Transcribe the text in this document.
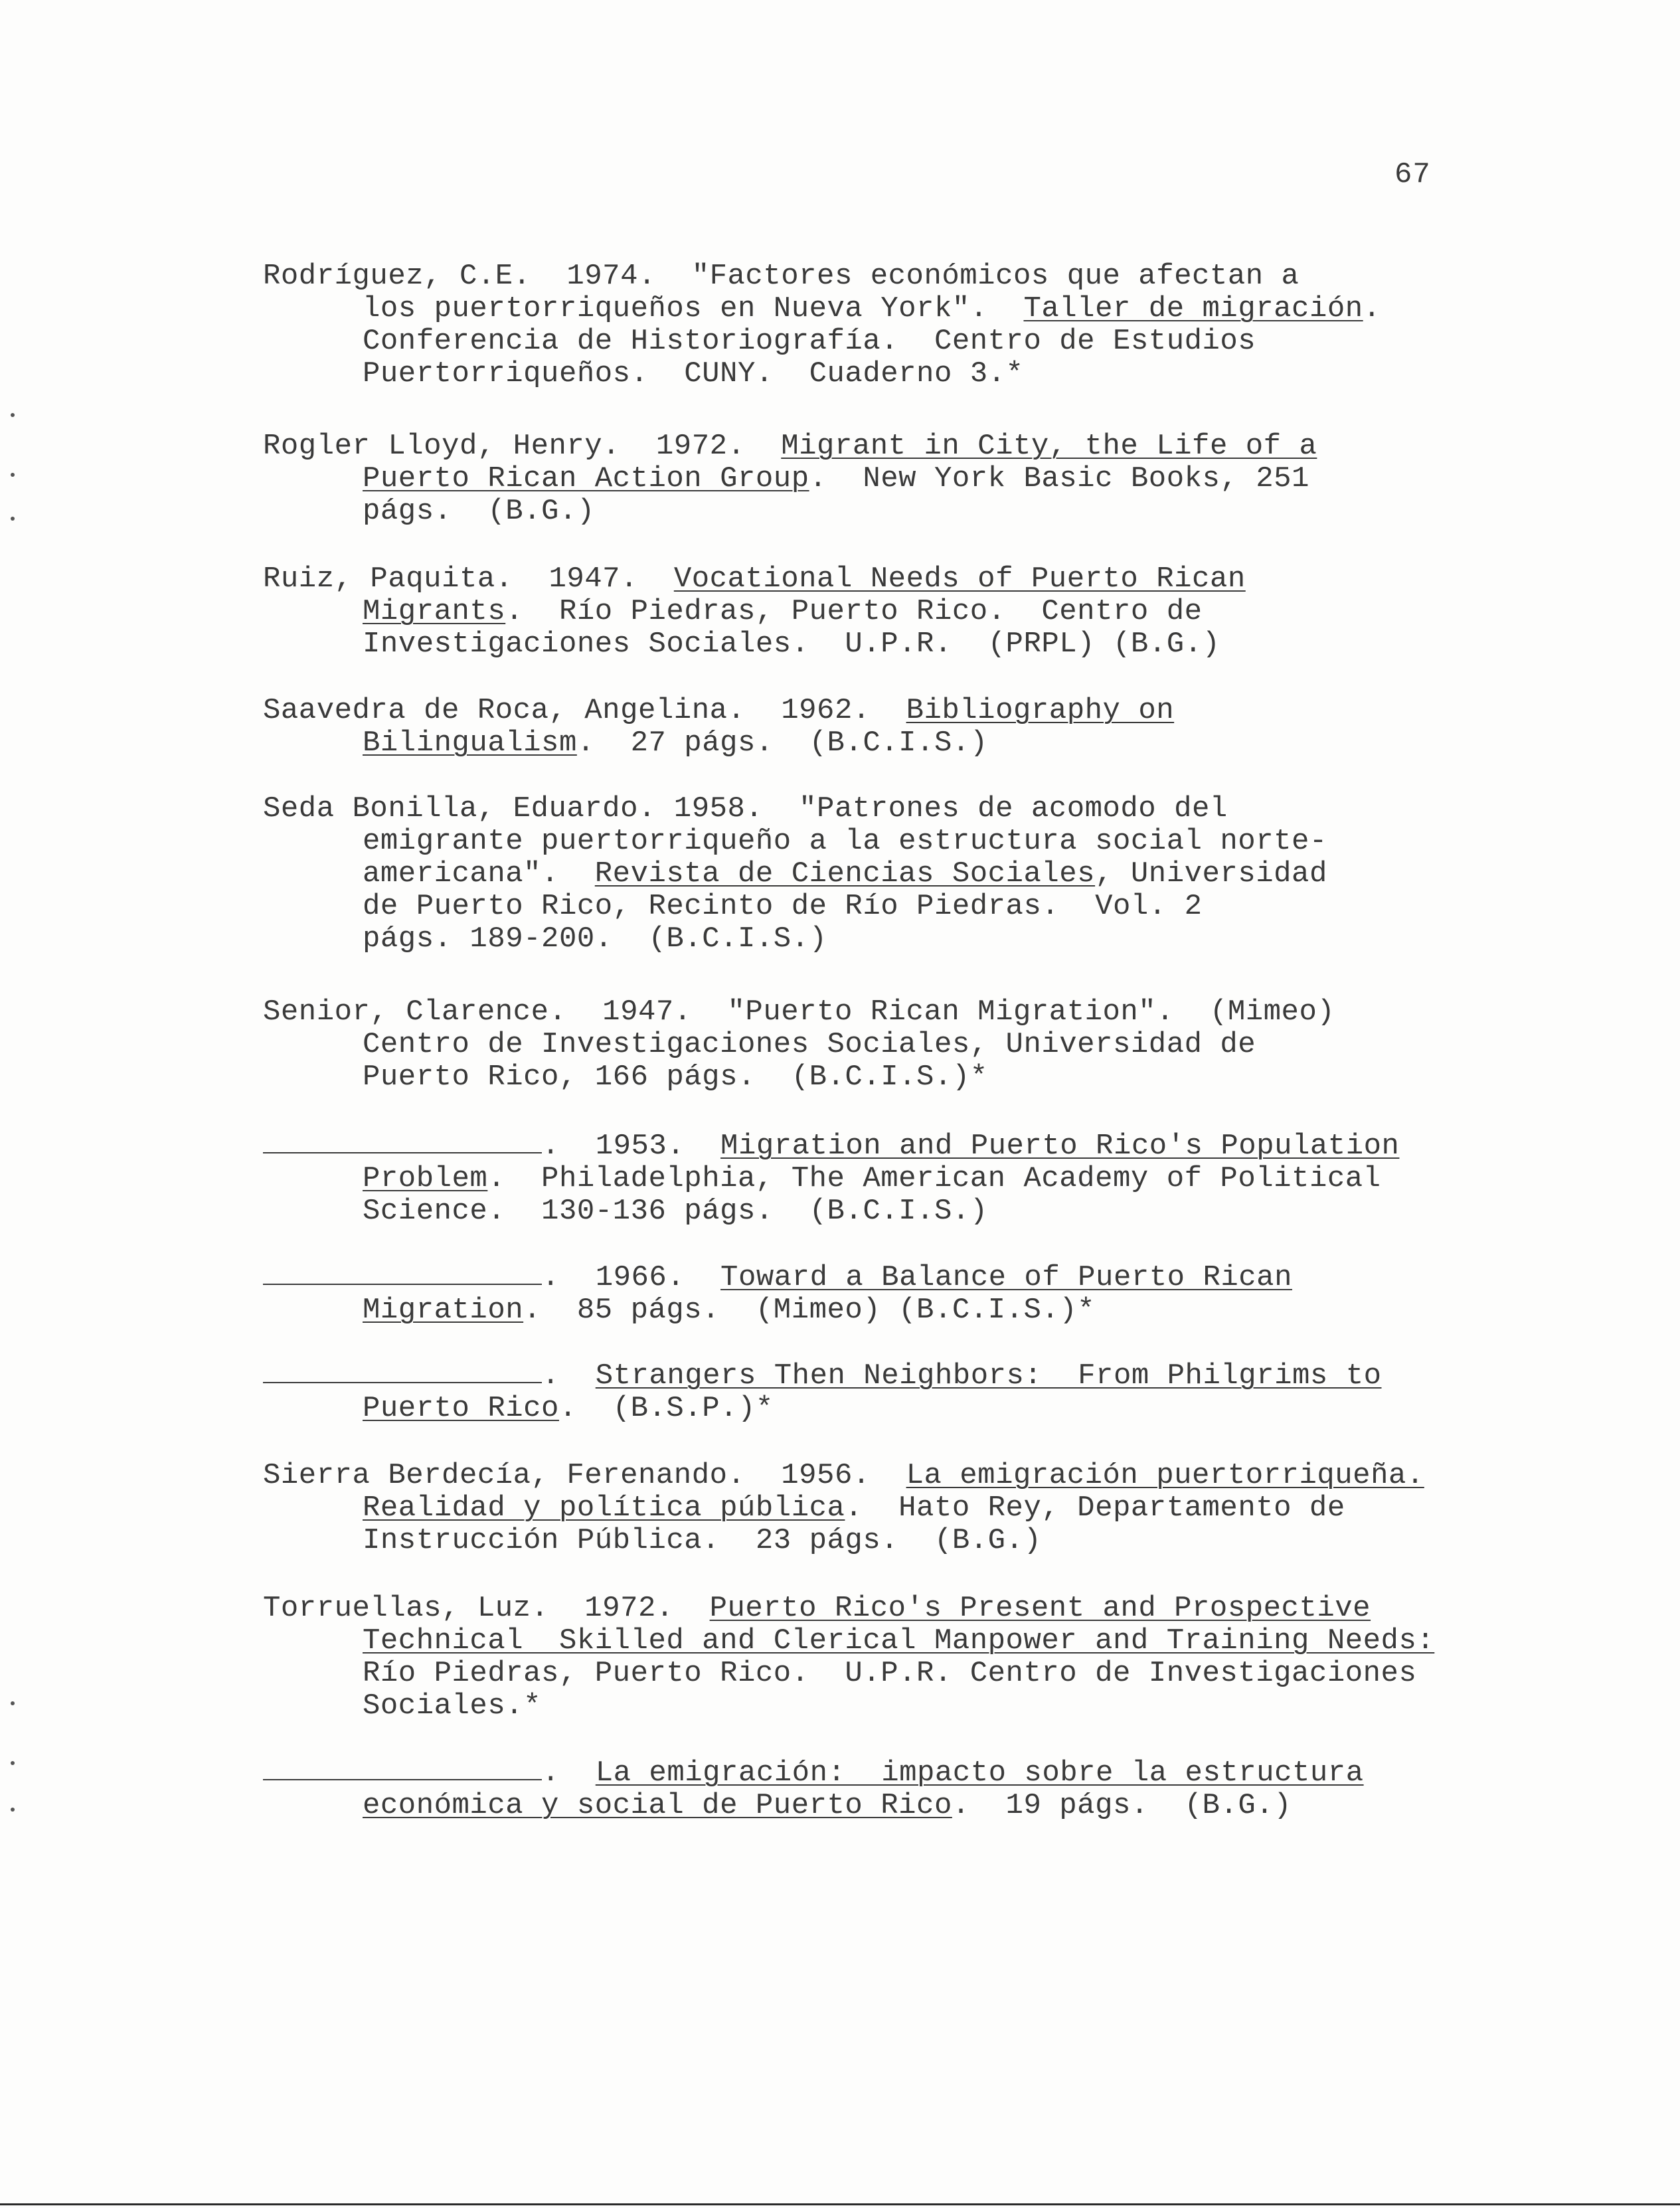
67
Rodríguez, C.E.  1974.  "Factores económicos que afectan a
los puertorriqueños en Nueva York".  Taller de migración.
Conferencia de Historiografía.  Centro de Estudios
Puertorriqueños.  CUNY.  Cuaderno 3.*
Rogler Lloyd, Henry.  1972.  Migrant in City, the Life of a
Puerto Rican Action Group.  New York Basic Books, 251
págs.  (B.G.)
Ruiz, Paquita.  1947.  Vocational Needs of Puerto Rican
Migrants.  Río Piedras, Puerto Rico.  Centro de
Investigaciones Sociales.  U.P.R.  (PRPL) (B.G.)
Saavedra de Roca, Angelina.  1962.  Bibliography on
Bilingualism.  27 págs.  (B.C.I.S.)
Seda Bonilla, Eduardo. 1958.  "Patrones de acomodo del
emigrante puertorriqueño a la estructura social norte-
americana".  Revista de Ciencias Sociales, Universidad
de Puerto Rico, Recinto de Río Piedras.  Vol. 2
págs. 189-200.  (B.C.I.S.)
Senior, Clarence.  1947.  "Puerto Rican Migration".  (Mimeo)
Centro de Investigaciones Sociales, Universidad de
Puerto Rico, 166 págs.  (B.C.I.S.)*
.  1953.  Migration and Puerto Rico's Population
Problem.  Philadelphia, The American Academy of Political
Science.  130-136 págs.  (B.C.I.S.)
.  1966.  Toward a Balance of Puerto Rican
Migration.  85 págs.  (Mimeo) (B.C.I.S.)*
.  Strangers Then Neighbors:  From Philgrims to
Puerto Rico.  (B.S.P.)*
Sierra Berdecía, Ferenando.  1956.  La emigración puertorriqueña.
Realidad y política pública.  Hato Rey, Departamento de
Instrucción Pública.  23 págs.  (B.G.)
Torruellas, Luz.  1972.  Puerto Rico's Present and Prospective
Technical  Skilled and Clerical Manpower and Training Needs:
Río Piedras, Puerto Rico.  U.P.R. Centro de Investigaciones
Sociales.*
.  La emigración:  impacto sobre la estructura
económica y social de Puerto Rico.  19 págs.  (B.G.)
